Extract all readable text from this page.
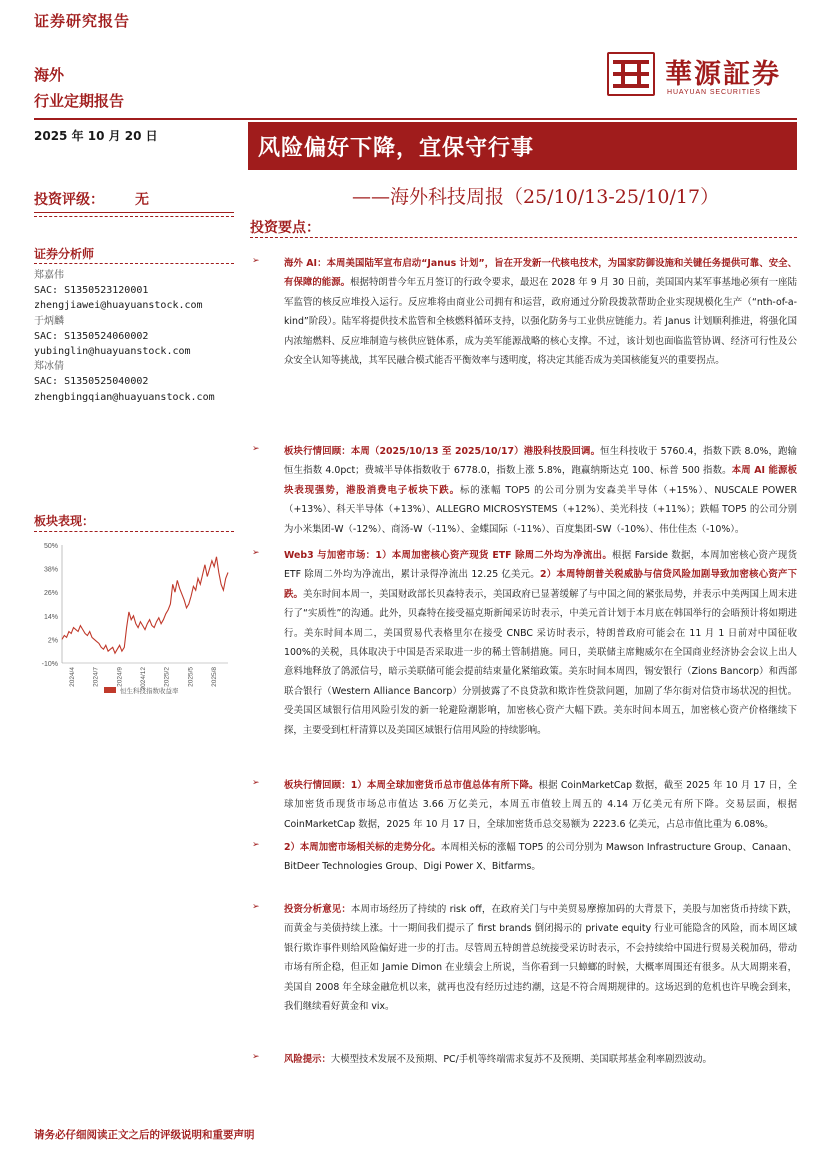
证券研究报告
海外
行业定期报告
華源証券
HUAYUAN SECURITIES
2025 年 10 月 20 日	风险偏好下降，宜保守行事
——海外科技周报（25/10/13-25/10/17）
投资评级： 无
投资要点：
证券分析师
郑嘉伟
SAC: S1350523120001
zhengjiawei@huayuanstock.com
于炳麟
SAC: S1350524060002
yubinglin@huayuanstock.com
郑冰倩
SAC: S1350525040002
zhengbingqian@huayuanstock.com
板块表现：
50%
38%
26%
14%
2%
-10%
2024/4	2024/7	2024/9	2024/12	2025/2	2025/5	2025/8
恒生科技指数收益率
➢	海外 AI：本周美国陆军宣布启动“Janus 计划”，旨在开发新一代核电技术，为国家防御设施和关键任务提供可靠、安全、有保障的能源。根据特朗普今年五月签订的行政令要求，最迟在 2028 年 9 月 30 日前，美国国内某军事基地必须有一座陆军监管的核反应堆投入运行。反应堆将由商业公司拥有和运营，政府通过分阶段拨款帮助企业实现规模化生产（“nth-of-a-kind”阶段）。陆军将提供技术监管和全核燃料循环支持，以强化防务与工业供应链能力。若 Janus 计划顺利推进，将强化国内浓缩燃料、反应堆制造与核供应链体系，成为美军能源战略的核心支撑。不过，该计划也面临监管协调、经济可行性及公众安全认知等挑战，其军民融合模式能否平衡效率与透明度，将决定其能否成为美国核能复兴的重要拐点。
➢	板块行情回顾：本周（2025/10/13 至 2025/10/17）港股科技股回调。恒生科技收于 5760.4，指数下跌 8.0%，跑输恒生指数 4.0pct；费城半导体指数收于 6778.0，指数上涨 5.8%，跑赢纳斯达克 100、标普 500 指数。本周 AI 能源板块表现强势，港股消费电子板块下跌。标的涨幅 TOP5 的公司分别为安森美半导体（+15%）、NUSCALE POWER（+13%）、科天半导体（+13%）、ALLEGRO MICROSYSTEMS（+12%）、美光科技（+11%）；跌幅 TOP5 的公司分别为小米集团-W（-12%）、商汤-W（-11%）、金蝶国际（-11%）、百度集团-SW（-10%）、伟仕佳杰（-10%）。
➢	Web3 与加密市场：1）本周加密核心资产现货 ETF 除周二外均为净流出。根据 Farside 数据，本周加密核心资产现货 ETF 除周二外均为净流出，累计录得净流出 12.25 亿美元。2）本周特朗普关税威胁与信贷风险加剧导致加密核心资产下跌。美东时间本周一，美国财政部长贝森特表示，美国政府已显著缓解了与中国之间的紧张局势，并表示中美两国上周末进行了“实质性”的沟通。此外，贝森特在接受福克斯新闻采访时表示，中美元首计划于本月底在韩国举行的会晤预计将如期进行。美东时间本周二，美国贸易代表格里尔在接受 CNBC 采访时表示，特朗普政府可能会在 11 月 1 日前对中国征收 100%的关税，具体取决于中国是否采取进一步的稀土管制措施。同日，美联储主席鲍威尔在全国商业经济协会会议上出人意料地释放了鸽派信号，暗示美联储可能会提前结束量化紧缩政策。美东时间本周四，锡安银行（Zions Bancorp）和西部联合银行（Western Alliance Bancorp）分别披露了不良贷款和欺诈性贷款问题，加剧了华尔街对信贷市场状况的担忧。受美国区域银行信用风险引发的新一轮避险潮影响，加密核心资产大幅下跌。美东时间本周五，加密核心资产价格继续下探，主要受到杠杆清算以及美国区域银行信用风险的持续影响。
➢	板块行情回顾：1）本周全球加密货币总市值总体有所下降。根据 CoinMarketCap 数据，截至 2025 年 10 月 17 日，全球加密货币现货市场总市值达 3.66 万亿美元，本周五市值较上周五的 4.14 万亿美元有所下降。交易层面，根据 CoinMarketCap 数据，2025 年 10 月 17 日，全球加密货币总交易额为 2223.6 亿美元，占总市值比重为 6.08%。
➢	2）本周加密市场相关标的走势分化。本周相关标的涨幅 TOP5 的公司分别为 Mawson Infrastructure Group、Canaan、BitDeer Technologies Group、Digi Power X、Bitfarms。
➢	投资分析意见：本周市场经历了持续的 risk off，在政府关门与中美贸易摩擦加码的大背景下，美股与加密货币持续下跌，而黄金与美债持续上涨。十一期间我们提示了 first brands 倒闭揭示的 private equity 行业可能隐含的风险，而本周区域银行欺诈事件则给风险偏好进一步的打击。尽管周五特朗普总统接受采访时表示，不会持续给中国进行贸易关税加码，带动市场有所企稳，但正如 Jamie Dimon 在业绩会上所说，当你看到一只蟑螂的时候，大概率周围还有很多。从大周期来看，美国自 2008 年全球金融危机以来，就再也没有经历过违约潮，这是不符合周期规律的。这场迟到的危机也许早晚会到来，我们继续看好黄金和 vix。
➢	风险提示：大模型技术发展不及预期、PC/手机等终端需求复苏不及预期、美国联邦基金利率剧烈波动。
请务必仔细阅读正文之后的评级说明和重要声明
